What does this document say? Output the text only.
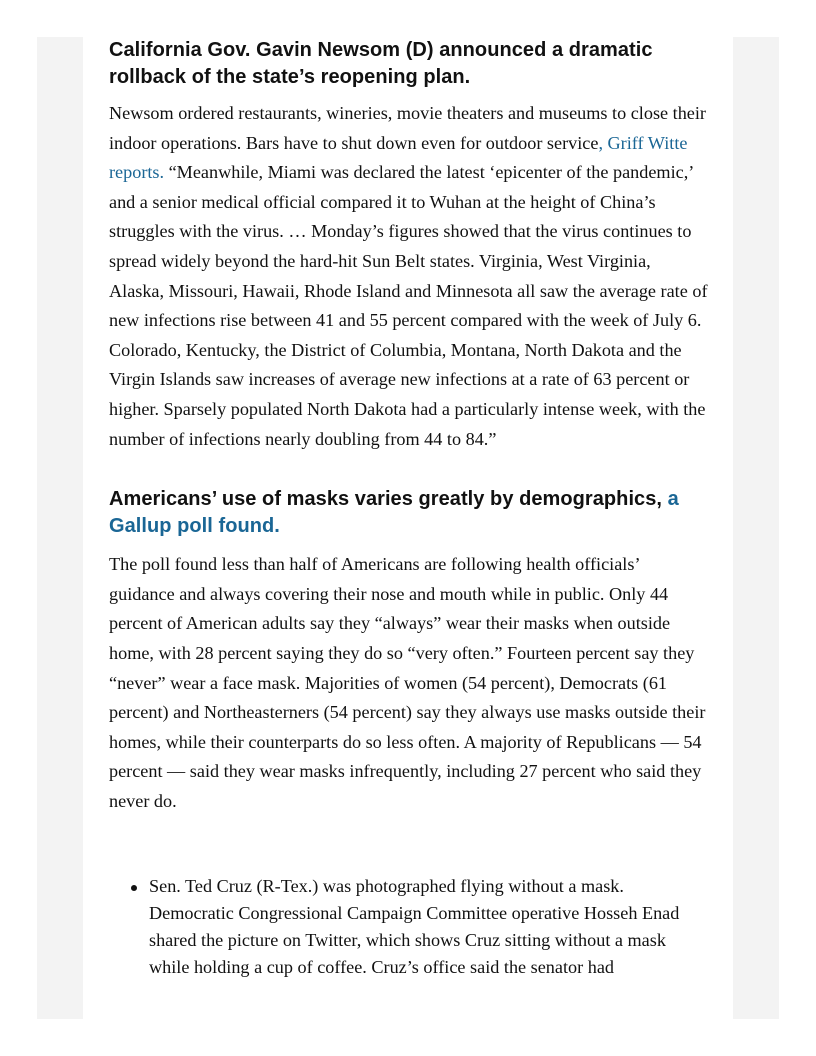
California Gov. Gavin Newsom (D) announced a dramatic rollback of the state’s reopening plan.

Newsom ordered restaurants, wineries, movie theaters and museums to close their indoor operations. Bars have to shut down even for outdoor service, Griff Witte reports. “Meanwhile, Miami was declared the latest ‘epicenter of the pandemic,’ and a senior medical official compared it to Wuhan at the height of China’s struggles with the virus. … Monday’s figures showed that the virus continues to spread widely beyond the hard-hit Sun Belt states. Virginia, West Virginia, Alaska, Missouri, Hawaii, Rhode Island and Minnesota all saw the average rate of new infections rise between 41 and 55 percent compared with the week of July 6. Colorado, Kentucky, the District of Columbia, Montana, North Dakota and the Virgin Islands saw increases of average new infections at a rate of 63 percent or higher. Sparsely populated North Dakota had a particularly intense week, with the number of infections nearly doubling from 44 to 84.”

Americans’ use of masks varies greatly by demographics, a Gallup poll found.

The poll found less than half of Americans are following health officials’ guidance and always covering their nose and mouth while in public. Only 44 percent of American adults say they “always” wear their masks when outside home, with 28 percent saying they do so “very often.” Fourteen percent say they “never” wear a face mask. Majorities of women (54 percent), Democrats (61 percent) and Northeasterners (54 percent) say they always use masks outside their homes, while their counterparts do so less often. A majority of Republicans — 54 percent — said they wear masks infrequently, including 27 percent who said they never do.

Sen. Ted Cruz (R-Tex.) was photographed flying without a mask. Democratic Congressional Campaign Committee operative Hosseh Enad shared the picture on Twitter, which shows Cruz sitting without a mask while holding a cup of coffee. Cruz’s office said the senator had
